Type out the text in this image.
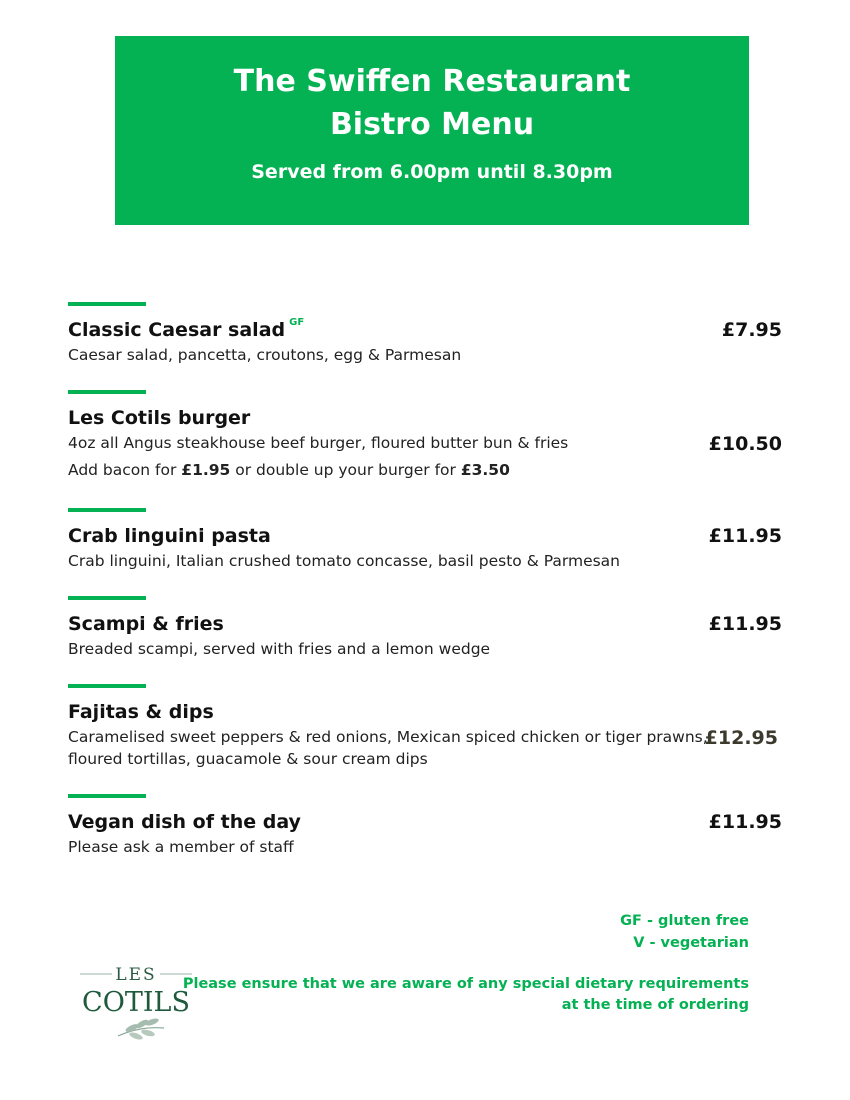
The Swiffen Restaurant
Bistro Menu
Served from 6.00pm until 8.30pm
Classic Caesar salad $^{GF}$
Caesar salad, pancetta, croutons, egg & Parmesan
£7.95
Les Cotils burger
4oz all Angus steakhouse beef burger, floured butter bun & fries
Add bacon for £1.95 or double up your burger for £3.50
£10.50
Crab linguini pasta
Crab linguini, Italian crushed tomato concasse, basil pesto & Parmesan
£11.95
Scampi & fries
Breaded scampi, served with fries and a lemon wedge
£11.95
Fajitas & dips
Caramelised sweet peppers & red onions, Mexican spiced chicken or tiger prawns,
floured tortillas, guacamole & sour cream dips
£12.95
Vegan dish of the day
Please ask a member of staff
£11.95
GF - gluten free
V - vegetarian
Please ensure that we are aware of any special dietary requirements
at the time of ordering
LES
COTILS
